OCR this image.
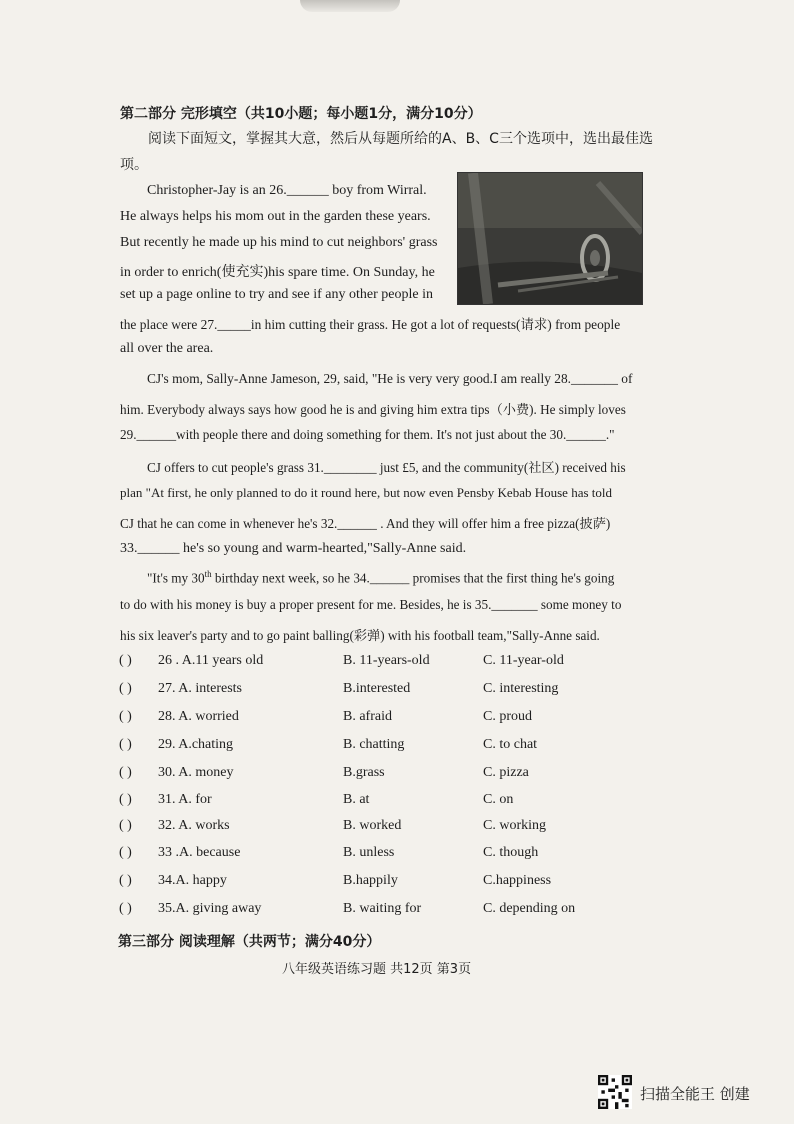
第二部分 完形填空（共10小题；每小题1分，满分10分）
阅读下面短文，掌握其大意，然后从每题所给的A、B、C三个选项中，选出最佳选项。
Christopher-Jay is an 26.______ boy from Wirral.
He always helps his mom out in the garden these years.
But recently he made up his mind to cut neighbors' grass
in order to enrich(使充实)his spare time. On Sunday, he
set up a page online to try and see if any other people in
the place were 27._____in him cutting their grass. He got a lot of requests(请求) from people
all over the area.
CJ's mom, Sally-Anne Jameson, 29, said, "He is very very good.I am really 28._______ of
him. Everybody always says how good he is and giving him extra tips（小费). He simply loves
29.______with people there and doing something for them. It's not just about the 30.______."
CJ offers to cut people's grass 31.________ just £5, and the community(社区) received his
plan "At first, he only planned to do it round here, but now even Pensby Kebab House has told
CJ that he can come in whenever he's 32.______ . And they will offer him a free pizza(披萨)
33.______ he's so young and warm-hearted,"Sally-Anne said.
"It's my 30th birthday next week, so he 34.______ promises that the first thing he's going
to do with his money is buy a proper present for me. Besides, he is 35._______ some money to
his six leaver's party and to go paint balling(彩弹) with his football team,"Sally-Anne said.
( ) 26 . A.11 years old	B. 11-years-old	C. 11-year-old
( ) 27. A. interests	B.interested	C. interesting
( ) 28. A. worried	B. afraid	C. proud
( ) 29. A.chating	B. chatting	C. to chat
( ) 30. A. money	B.grass	C. pizza
( ) 31. A. for	B. at	C. on
( ) 32. A. works	B. worked	C. working
( ) 33 .A. because	B. unless	C. though
( ) 34.A. happy	B.happily	C.happiness
( ) 35.A. giving away	B. waiting for	C. depending on
第三部分 阅读理解（共两节；满分40分）
八年级英语练习题 共12页 第3页
扫描全能王 创建
